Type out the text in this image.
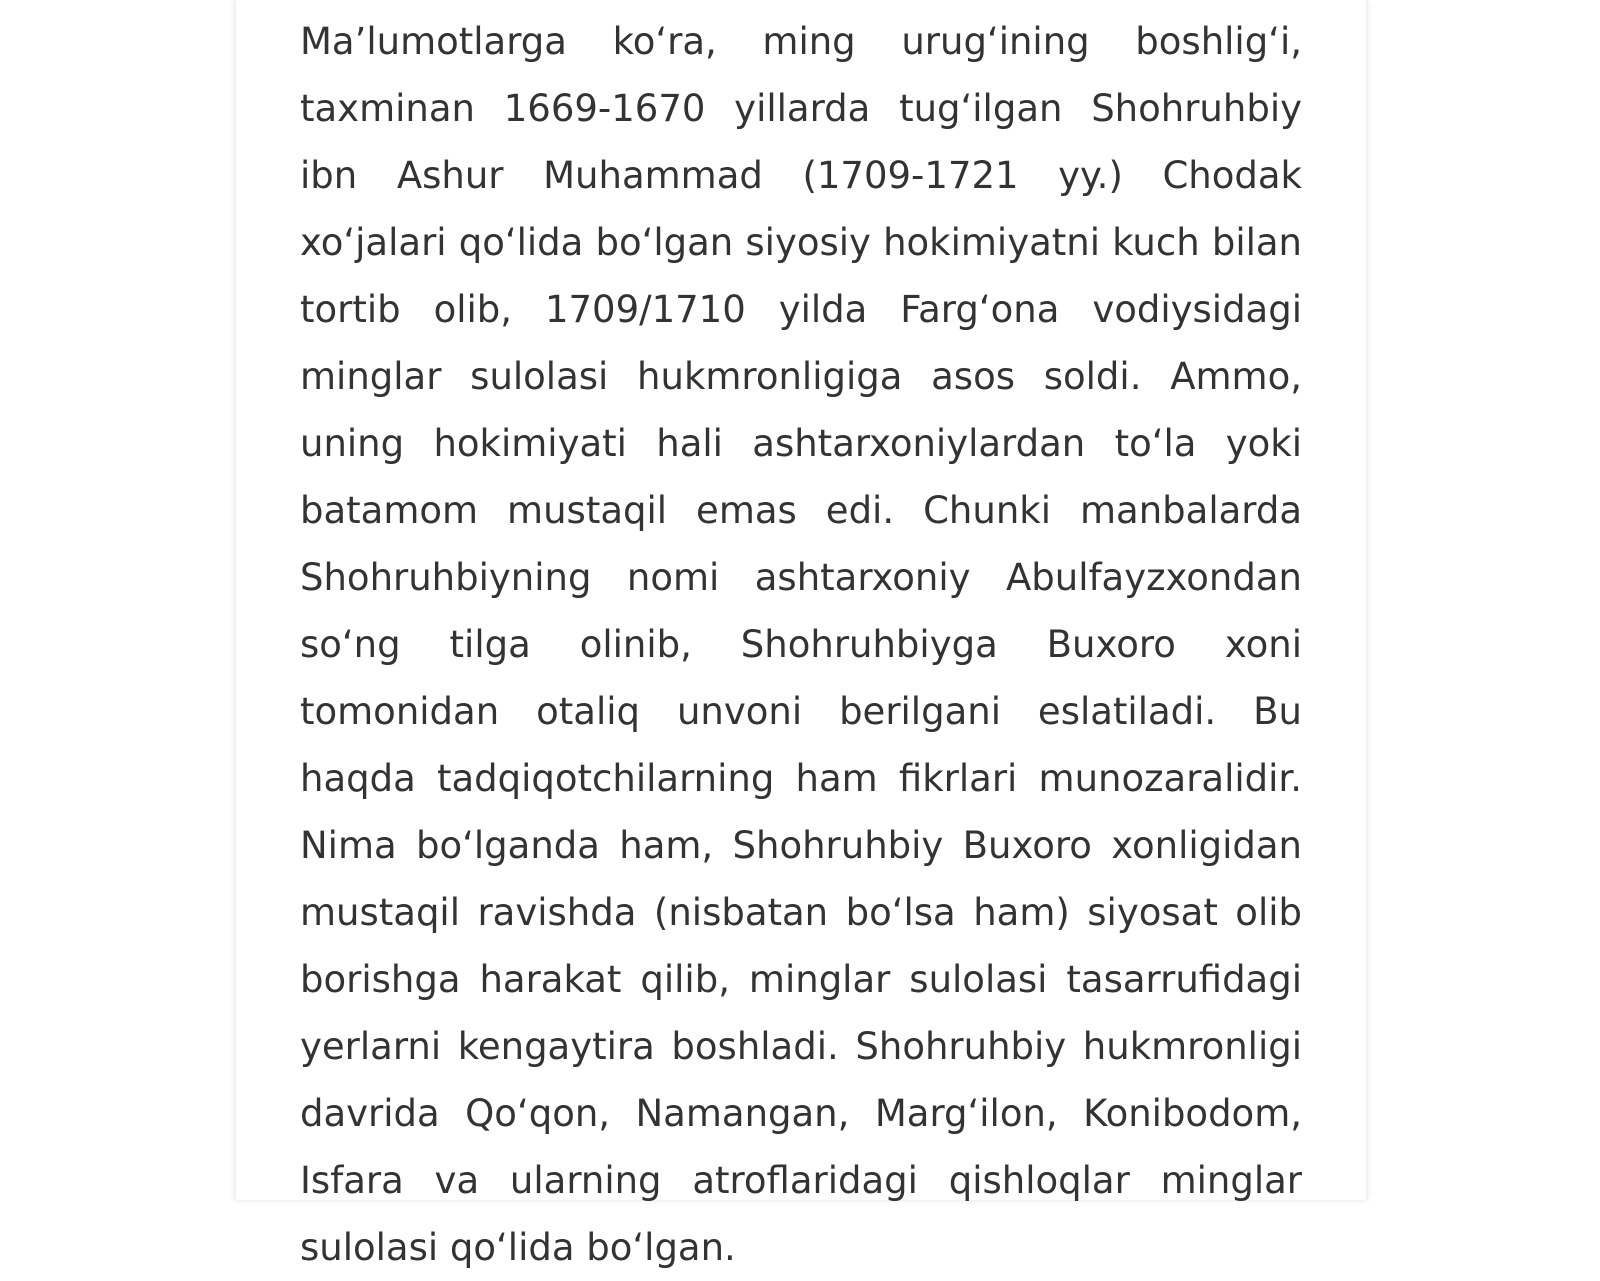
Ma’lumotlarga ko‘ra, ming urug‘ining boshlig‘i, taxminan 1669-1670 yillarda tug‘ilgan Shohruhbiy ibn Ashur Muhammad (1709-1721 yy.) Chodak xo‘jalari qo‘lida bo‘lgan siyosiy hokimiyatni kuch bilan tortib olib, 1709/1710 yilda Farg‘ona vodiysidagi minglar sulolasi hukmronligiga asos soldi. Ammo, uning hokimiyati hali ashtarxoniylardan to‘la yoki batamom mustaqil emas edi. Chunki manbalarda Shohruhbiyning nomi ashtarxoniy Abulfayzxondan so‘ng tilga olinib, Shohruhbiyga Buxoro xoni tomonidan otaliq unvoni berilgani eslatiladi. Bu haqda tadqiqotchilarning ham fikrlari munozaralidir. Nima bo‘lganda ham, Shohruhbiy Buxoro xonligidan mustaqil ravishda (nisbatan bo‘lsa ham) siyosat olib borishga harakat qilib, minglar sulolasi tasarrufidagi yerlarni kengaytira boshladi. Shohruhbiy hukmronligi davrida Qo‘qon, Namangan, Marg‘ilon, Konibodom, Isfara va ularning atroflaridagi qishloqlar minglar sulolasi qo‘lida bo‘lgan.
